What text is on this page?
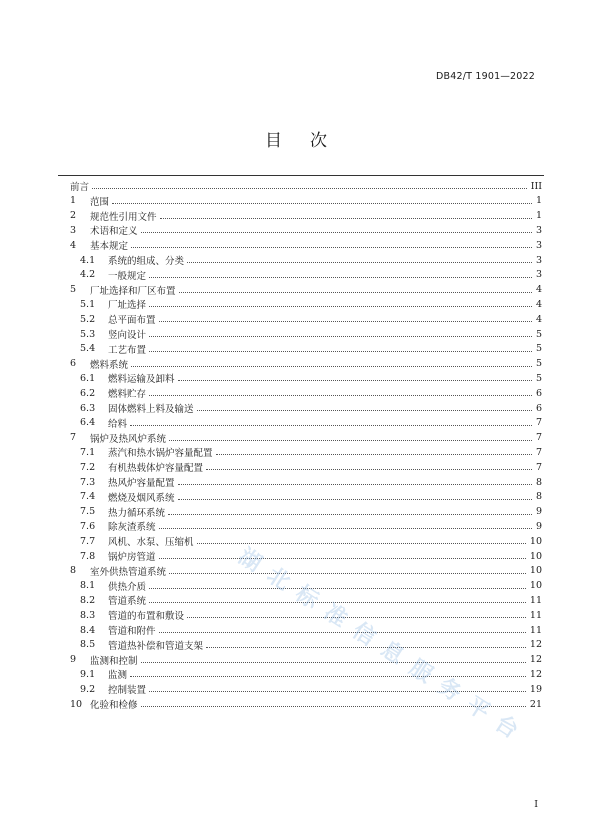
DB42/T 1901—2022
目 次
前言	III
1 范围	1
2 规范性引用文件	1
3 术语和定义	3
4 基本规定	3
4.1 系统的组成、分类	3
4.2 一般规定	3
5 厂址选择和厂区布置	4
5.1 厂址选择	4
5.2 总平面布置	4
5.3 竖向设计	5
5.4 工艺布置	5
6 燃料系统	5
6.1 燃料运输及卸料	5
6.2 燃料贮存	6
6.3 固体燃料上料及输送	6
6.4 给料	7
7 锅炉及热风炉系统	7
7.1 蒸汽和热水锅炉容量配置	7
7.2 有机热载体炉容量配置	7
7.3 热风炉容量配置	8
7.4 燃烧及烟风系统	8
7.5 热力循环系统	9
7.6 除灰渣系统	9
7.7 风机、水泵、压缩机	10
7.8 锅炉房管道	10
8 室外供热管道系统	10
8.1 供热介质	10
8.2 管道系统	11
8.3 管道的布置和敷设	11
8.4 管道和附件	11
8.5 管道热补偿和管道支架	12
9 监测和控制	12
9.1 监测	12
9.2 控制装置	19
10 化验和检修	21
湖北标准信息服务平台
I
